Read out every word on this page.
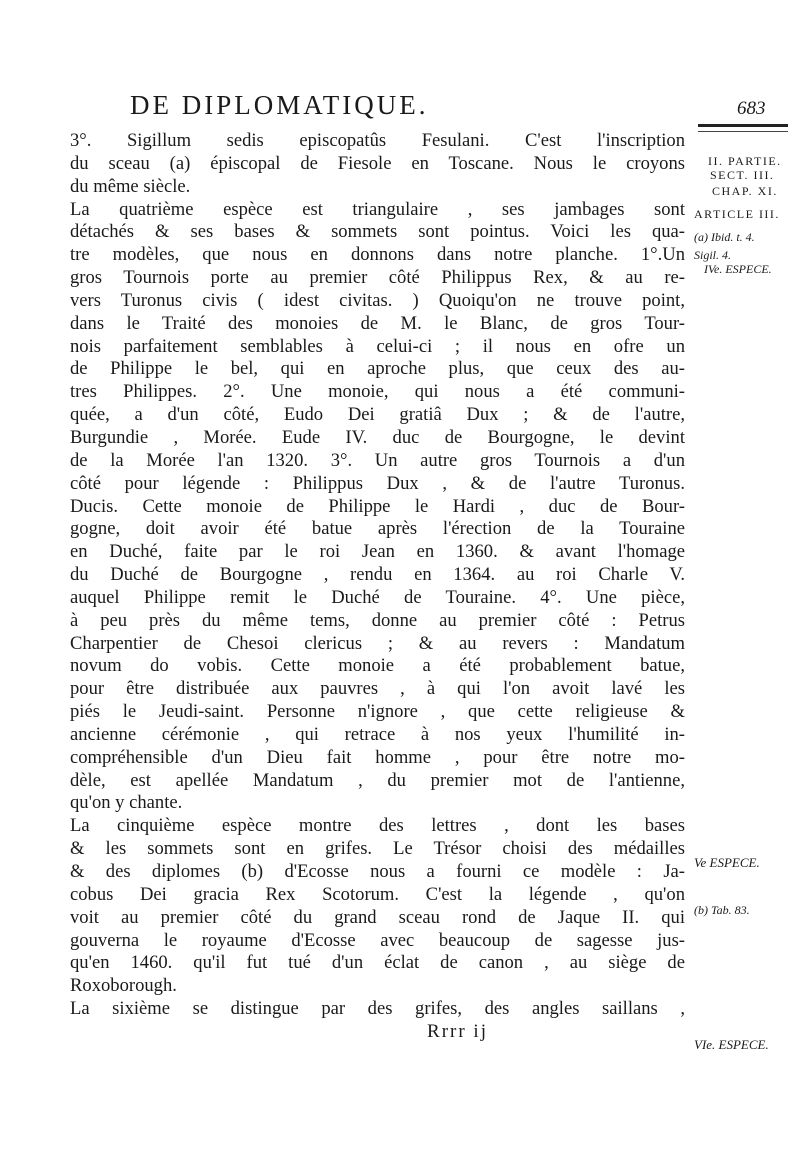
DE DIPLOMATIQUE.	683

3°. Sigillum sedis episcopatûs Fesulani. C'est l'inscription
du sceau (a) épiscopal de Fiesole en Toscane. Nous le croyons
du même siècle.

La quatrième espèce est triangulaire , ses jambages sont
détachés & ses bases & sommets sont pointus. Voici les qua-
tre modèles, que nous en donnons dans notre planche. 1°.Un
gros Tournois porte au premier côté Philippus Rex, & au re-
vers Turonus civis ( idest civitas. ) Quoiqu'on ne trouve point,
dans le Traité des monoies de M. le Blanc, de gros Tour-
nois parfaitement semblables à celui-ci ; il nous en ofre un
de Philippe le bel, qui en aproche plus, que ceux des au-
tres Philippes. 2°. Une monoie, qui nous a été communi-
quée, a d'un côté, Eudo Dei gratiâ Dux ; & de l'autre,
Burgundie , Morée. Eude IV. duc de Bourgogne, le devint
de la Morée l'an 1320. 3°. Un autre gros Tournois a d'un
côté pour légende : Philippus Dux , & de l'autre Turonus.
Ducis. Cette monoie de Philippe le Hardi , duc de Bour-
gogne, doit avoir été batue après l'érection de la Touraine
en Duché, faite par le roi Jean en 1360. & avant l'homage
du Duché de Bourgogne , rendu en 1364. au roi Charle V.
auquel Philippe remit le Duché de Touraine. 4°. Une pièce,
à peu près du même tems, donne au premier côté : Petrus
Charpentier de Chesoi clericus ; & au revers : Mandatum
novum do vobis. Cette monoie a été probablement batue,
pour être distribuée aux pauvres , à qui l'on avoit lavé les
piés le Jeudi-saint. Personne n'ignore , que cette religieuse &
ancienne cérémonie , qui retrace à nos yeux l'humilité in-
compréhensible d'un Dieu fait homme , pour être notre mo-
dèle, est apellée Mandatum , du premier mot de l'antienne,
qu'on y chante.

La cinquième espèce montre des lettres , dont les bases
& les sommets sont en grifes. Le Trésor choisi des médailles
& des diplomes (b) d'Ecosse nous a fourni ce modèle : Ja-
cobus Dei gracia Rex Scotorum. C'est la légende , qu'on
voit au premier côté du grand sceau rond de Jaque II. qui
gouverna le royaume d'Ecosse avec beaucoup de sagesse jus-
qu'en 1460. qu'il fut tué d'un éclat de canon , au siège de
Roxoborough.

La sixième se distingue par des grifes, des angles saillans ,

Rrrr ij
II. PARTIE.
SECT. III.
CHAP. XI.
ARTICLE III.
(a) Ibid. t. 4.
Sigil. 4.
IVe. ESPECE.
Ve ESPECE.
(b) Tab. 83.
VIe. ESPECE.
